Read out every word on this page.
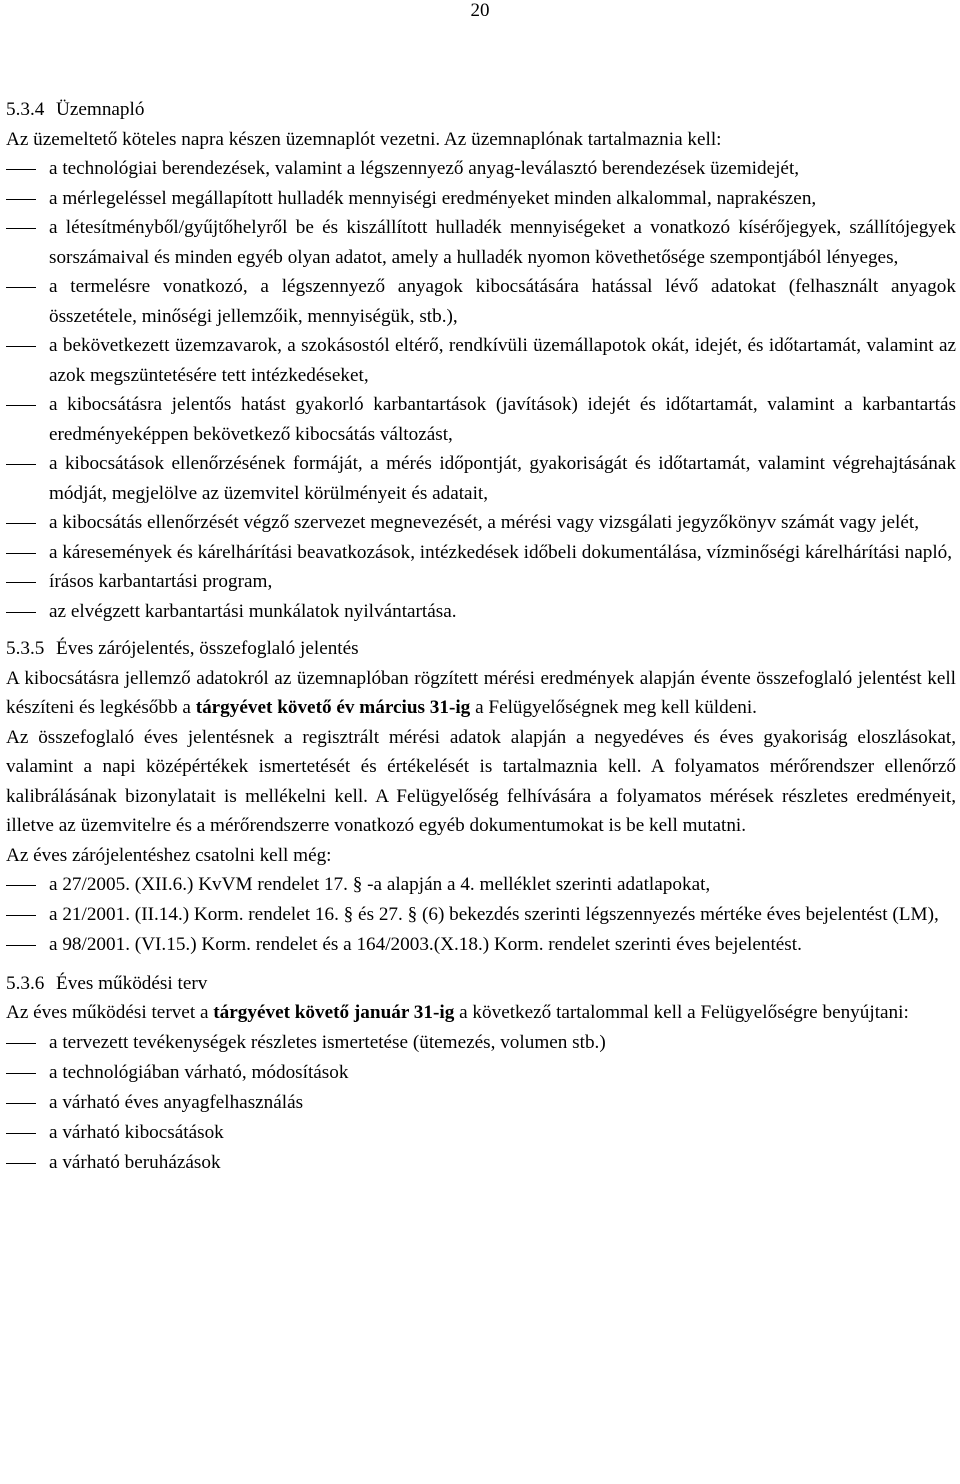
20
5.3.4 Üzemnapló

Az üzemeltető köteles napra készen üzemnaplót vezetni. Az üzemnaplónak tartalmaznia kell:

a technológiai berendezések, valamint a légszennyező anyag-leválasztó berendezések üzemidejét,
a mérlegeléssel megállapított hulladék mennyiségi eredményeket minden alkalommal, naprakészen,
a létesítményből/gyűjtőhelyről be és kiszállított hulladék mennyiségeket a vonatkozó kísérőjegyek, szállítójegyek sorszámaival és minden egyéb olyan adatot, amely a hulladék nyomon követhetősége szempontjából lényeges,
a termelésre vonatkozó, a légszennyező anyagok kibocsátására hatással lévő adatokat (felhasznált anyagok összetétele, minőségi jellemzőik, mennyiségük, stb.),
a bekövetkezett üzemzavarok, a szokásostól eltérő, rendkívüli üzemállapotok okát, idejét, és időtartamát, valamint az azok megszüntetésére tett intézkedéseket,
a kibocsátásra jelentős hatást gyakorló karbantartások (javítások) idejét és időtartamát, valamint a karbantartás eredményeképpen bekövetkező kibocsátás változást,
a kibocsátások ellenőrzésének formáját, a mérés időpontját, gyakoriságát és időtartamát, valamint végrehajtásának módját, megjelölve az üzemvitel körülményeit és adatait,
a kibocsátás ellenőrzését végző szervezet megnevezését, a mérési vagy vizsgálati jegyzőkönyv számát vagy jelét,
a káresemények és kárelhárítási beavatkozások, intézkedések időbeli dokumentálása, vízminőségi kárelhárítási napló,
írásos karbantartási program,
az elvégzett karbantartási munkálatok nyilvántartása.
5.3.5 Éves zárójelentés, összefoglaló jelentés

A kibocsátásra jellemző adatokról az üzemnaplóban rögzített mérési eredmények alapján évente összefoglaló jelentést kell készíteni és legkésőbb a tárgyévet követő év március 31-ig a Felügyelőségnek meg kell küldeni.

Az összefoglaló éves jelentésnek a regisztrált mérési adatok alapján a negyedéves és éves gyakoriság eloszlásokat, valamint a napi középértékek ismertetését és értékelését is tartalmaznia kell. A folyamatos mérőrendszer ellenőrző kalibrálásának bizonylatait is mellékelni kell. A Felügyelőség felhívására a folyamatos mérések részletes eredményeit, illetve az üzemvitelre és a mérőrendszerre vonatkozó egyéb dokumentumokat is be kell mutatni.

Az éves zárójelentéshez csatolni kell még:

a 27/2005. (XII.6.) KvVM rendelet 17. § -a alapján a 4. melléklet szerinti adatlapokat,
a 21/2001. (II.14.) Korm. rendelet 16. § és 27. § (6) bekezdés szerinti légszennyezés mértéke éves bejelentést (LM),
a 98/2001. (VI.15.) Korm. rendelet és a 164/2003.(X.18.) Korm. rendelet szerinti éves bejelentést.
5.3.6 Éves működési terv

Az éves működési tervet a tárgyévet követő január 31-ig a következő tartalommal kell a Felügyelőségre benyújtani:

a tervezett tevékenységek részletes ismertetése (ütemezés, volumen stb.)
a technológiában várható, módosítások
a várható éves anyagfelhasználás
a várható kibocsátások
a várható beruházások
